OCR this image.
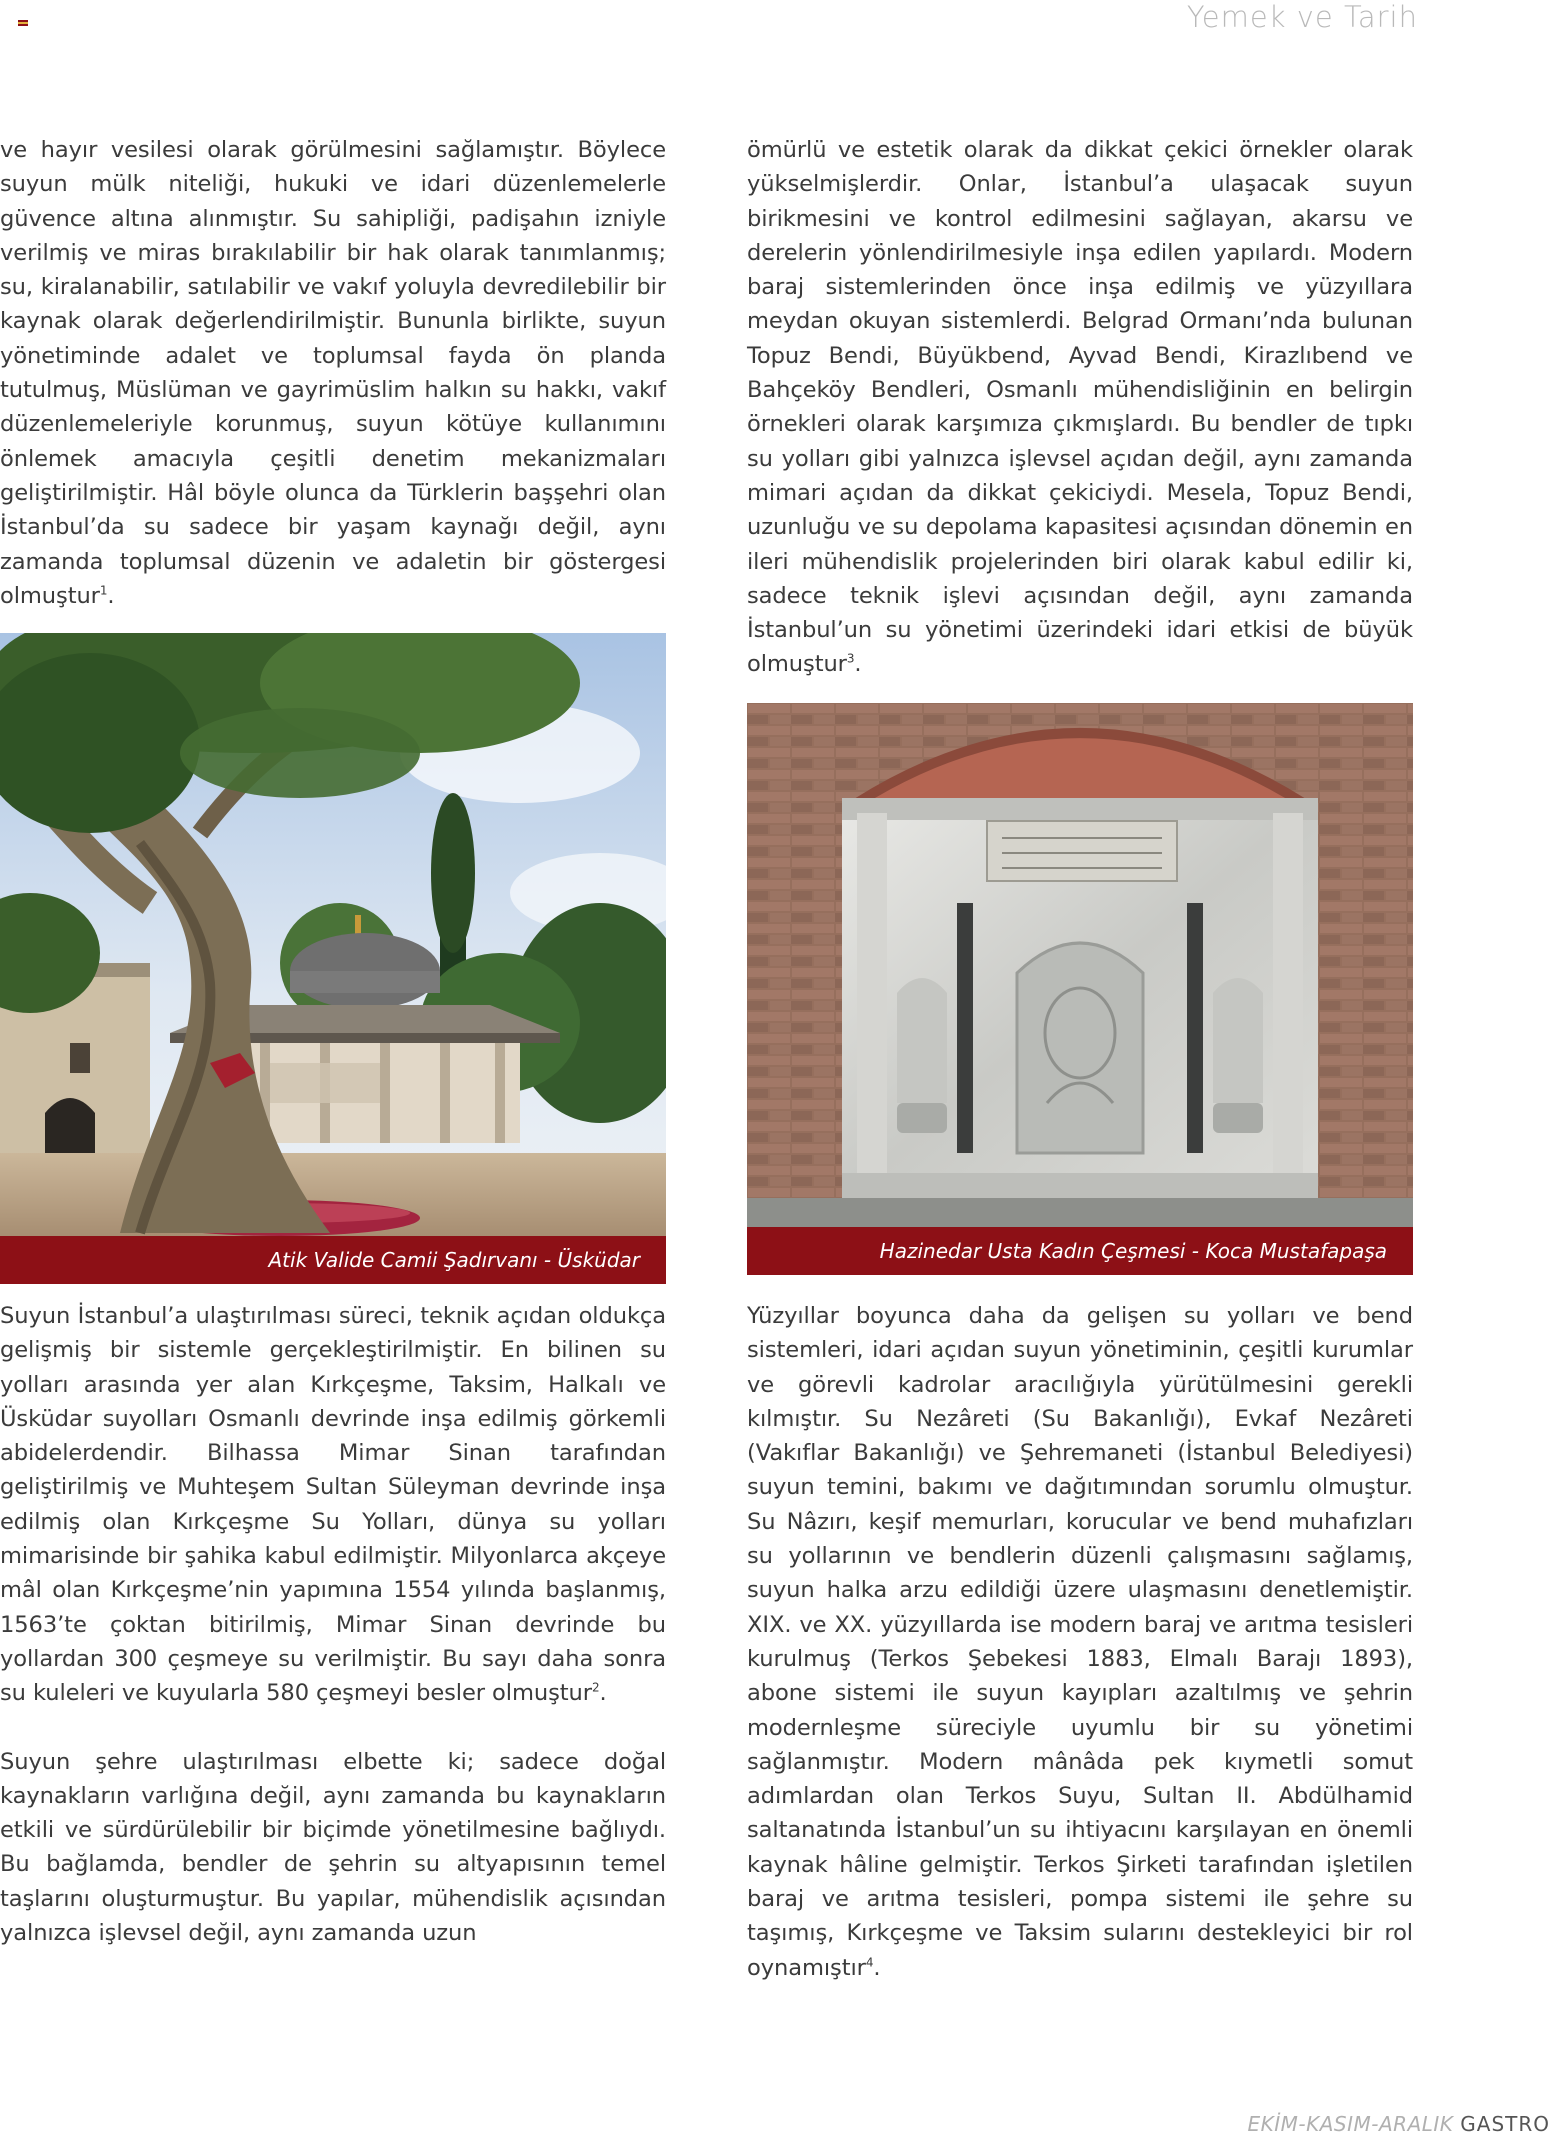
Yemek ve Tarih

ve hayır vesilesi olarak görülmesini sağlamıştır. Böylece suyun mülk niteliği, hukuki ve idari düzenlemelerle güvence altına alınmıştır. Su sahipliği, padişahın izniyle verilmiş ve miras bırakılabilir bir hak olarak tanımlanmış; su, kiralanabilir, satılabilir ve vakıf yoluyla devredilebilir bir kaynak olarak değerlendirilmiştir. Bununla birlikte, suyun yönetiminde adalet ve toplumsal fayda ön planda tutulmuş, Müslüman ve gayrimüslim halkın su hakkı, vakıf düzenlemeleriyle korunmuş, suyun kötüye kullanımını önlemek amacıyla çeşitli denetim mekanizmaları geliştirilmiştir. Hâl böyle olunca da Türklerin başşehri olan İstanbul’da su sadece bir yaşam kaynağı değil, aynı zamanda toplumsal düzenin ve adaletin bir göstergesi olmuştur$^1$.

Atik Valide Camii Şadırvanı - Üsküdar

Suyun İstanbul’a ulaştırılması süreci, teknik açıdan oldukça gelişmiş bir sistemle gerçekleştirilmiştir. En bilinen su yolları arasında yer alan Kırkçeşme, Taksim, Halkalı ve Üsküdar suyolları Osmanlı devrinde inşa edilmiş görkemli abidelerdendir. Bilhassa Mimar Sinan tarafından geliştirilmiş ve Muhteşem Sultan Süleyman devrinde inşa edilmiş olan Kırkçeşme Su Yolları, dünya su yolları mimarisinde bir şahika kabul edilmiştir. Milyonlarca akçeye mâl olan Kırkçeşme’nin yapımına 1554 yılında başlanmış, 1563’te çoktan bitirilmiş, Mimar Sinan devrinde bu yollardan 300 çeşmeye su verilmiştir. Bu sayı daha sonra su kuleleri ve kuyularla 580 çeşmeyi besler olmuştur$^2$.

Suyun şehre ulaştırılması elbette ki; sadece doğal kaynakların varlığına değil, aynı zamanda bu kaynakların etkili ve sürdürülebilir bir biçimde yönetilmesine bağlıydı. Bu bağlamda, bendler de şehrin su altyapısının temel taşlarını oluşturmuştur. Bu yapılar, mühendislik açısından yalnızca işlevsel değil, aynı zamanda uzun

ömürlü ve estetik olarak da dikkat çekici örnekler olarak yükselmişlerdir. Onlar, İstanbul’a ulaşacak suyun birikmesini ve kontrol edilmesini sağlayan, akarsu ve derelerin yönlendirilmesiyle inşa edilen yapılardı. Modern baraj sistemlerinden önce inşa edilmiş ve yüzyıllara meydan okuyan sistemlerdi. Belgrad Ormanı’nda bulunan Topuz Bendi, Büyükbend, Ayvad Bendi, Kirazlıbend ve Bahçeköy Bendleri, Osmanlı mühendisliğinin en belirgin örnekleri olarak karşımıza çıkmışlardı. Bu bendler de tıpkı su yolları gibi yalnızca işlevsel açıdan değil, aynı zamanda mimari açıdan da dikkat çekiciydi. Mesela, Topuz Bendi, uzunluğu ve su depolama kapasitesi açısından dönemin en ileri mühendislik projelerinden biri olarak kabul edilir ki, sadece teknik işlevi açısından değil, aynı zamanda İstanbul’un su yönetimi üzerindeki idari etkisi de büyük olmuştur$^3$.

Hazinedar Usta Kadın Çeşmesi - Koca Mustafapaşa

Yüzyıllar boyunca daha da gelişen su yolları ve bend sistemleri, idari açıdan suyun yönetiminin, çeşitli kurumlar ve görevli kadrolar aracılığıyla yürütülmesini gerekli kılmıştır. Su Nezâreti (Su Bakanlığı), Evkaf Nezâreti (Vakıflar Bakanlığı) ve Şehremaneti (İstanbul Belediyesi) suyun temini, bakımı ve dağıtımından sorumlu olmuştur. Su Nâzırı, keşif memurları, korucular ve bend muhafızları su yollarının ve bendlerin düzenli çalışmasını sağlamış, suyun halka arzu edildiği üzere ulaşmasını denetlemiştir. XIX. ve XX. yüzyıllarda ise modern baraj ve arıtma tesisleri kurulmuş (Terkos Şebekesi 1883, Elmalı Barajı 1893), abone sistemi ile suyun kayıpları azaltılmış ve şehrin modernleşme süreciyle uyumlu bir su yönetimi sağlanmıştır. Modern mânâda pek kıymetli somut adımlardan olan Terkos Suyu, Sultan II. Abdülhamid saltanatında İstanbul’un su ihtiyacını karşılayan en önemli kaynak hâline gelmiştir. Terkos Şirketi tarafından işletilen baraj ve arıtma tesisleri, pompa sistemi ile şehre su taşımış, Kırkçeşme ve Taksim sularını destekleyici bir rol oynamıştır$^4$.

EKİM-KASIM-ARALIK GASTRO
